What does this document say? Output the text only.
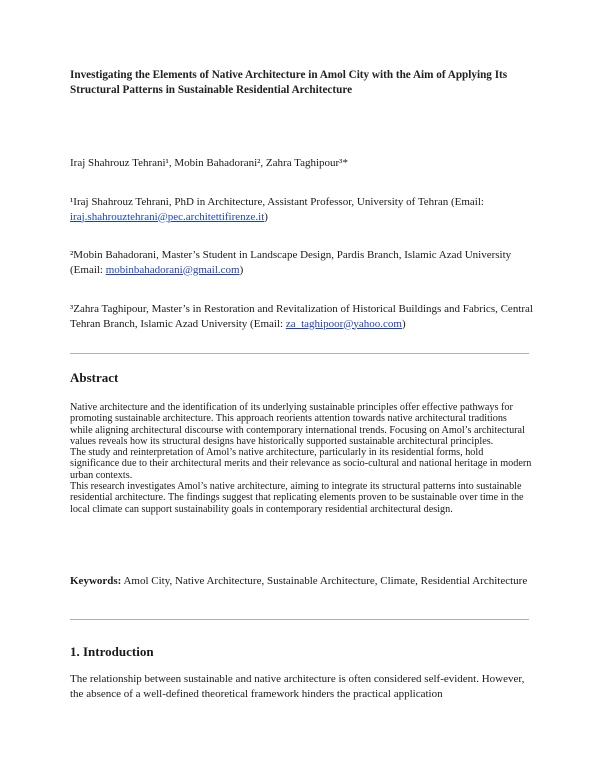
Investigating the Elements of Native Architecture in Amol City with the Aim of Applying Its Structural Patterns in Sustainable Residential Architecture
Iraj Shahrouz Tehrani¹, Mobin Bahadorani², Zahra Taghipour³*
¹Iraj Shahrouz Tehrani, PhD in Architecture, Assistant Professor, University of Tehran (Email: iraj.shahrouztehrani@pec.architettifirenze.it)
²Mobin Bahadorani, Master’s Student in Landscape Design, Pardis Branch, Islamic Azad University (Email: mobinbahadorani@gmail.com)
³Zahra Taghipour, Master’s in Restoration and Revitalization of Historical Buildings and Fabrics, Central Tehran Branch, Islamic Azad University (Email: za_taghipoor@yahoo.com)
Abstract

Native architecture and the identification of its underlying sustainable principles offer effective pathways for promoting sustainable architecture. This approach reorients attention towards native architectural traditions while aligning architectural discourse with contemporary international trends. Focusing on Amol’s architectural values reveals how its structural designs have historically supported sustainable architectural principles.

The study and reinterpretation of Amol’s native architecture, particularly in its residential forms, hold significance due to their architectural merits and their relevance as socio-cultural and national heritage in modern urban contexts.

This research investigates Amol’s native architecture, aiming to integrate its structural patterns into sustainable residential architecture. The findings suggest that replicating elements proven to be sustainable over time in the local climate can support sustainability goals in contemporary residential architectural design.

Keywords: Amol City, Native Architecture, Sustainable Architecture, Climate, Residential Architecture
1. Introduction
The relationship between sustainable and native architecture is often considered self-evident. However, the absence of a well-defined theoretical framework hinders the practical application
